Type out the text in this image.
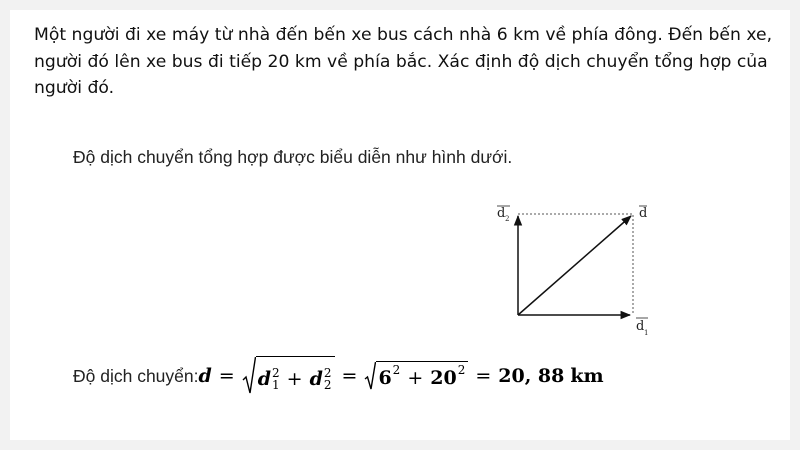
Một người đi xe máy từ nhà đến bến xe bus cách nhà 6 km về phía đông. Đến bến xe, người đó lên xe bus đi tiếp 20 km về phía bắc. Xác định độ dịch chuyển tổng hợp của người đó.
Độ dịch chuyển tổng hợp được biểu diễn như hình dưới.
d
d 2
d 1
Độ dịch chuyển: d = d 2
1 + d 2
2 = 6 2 + 20 2 = 20, 88 km
